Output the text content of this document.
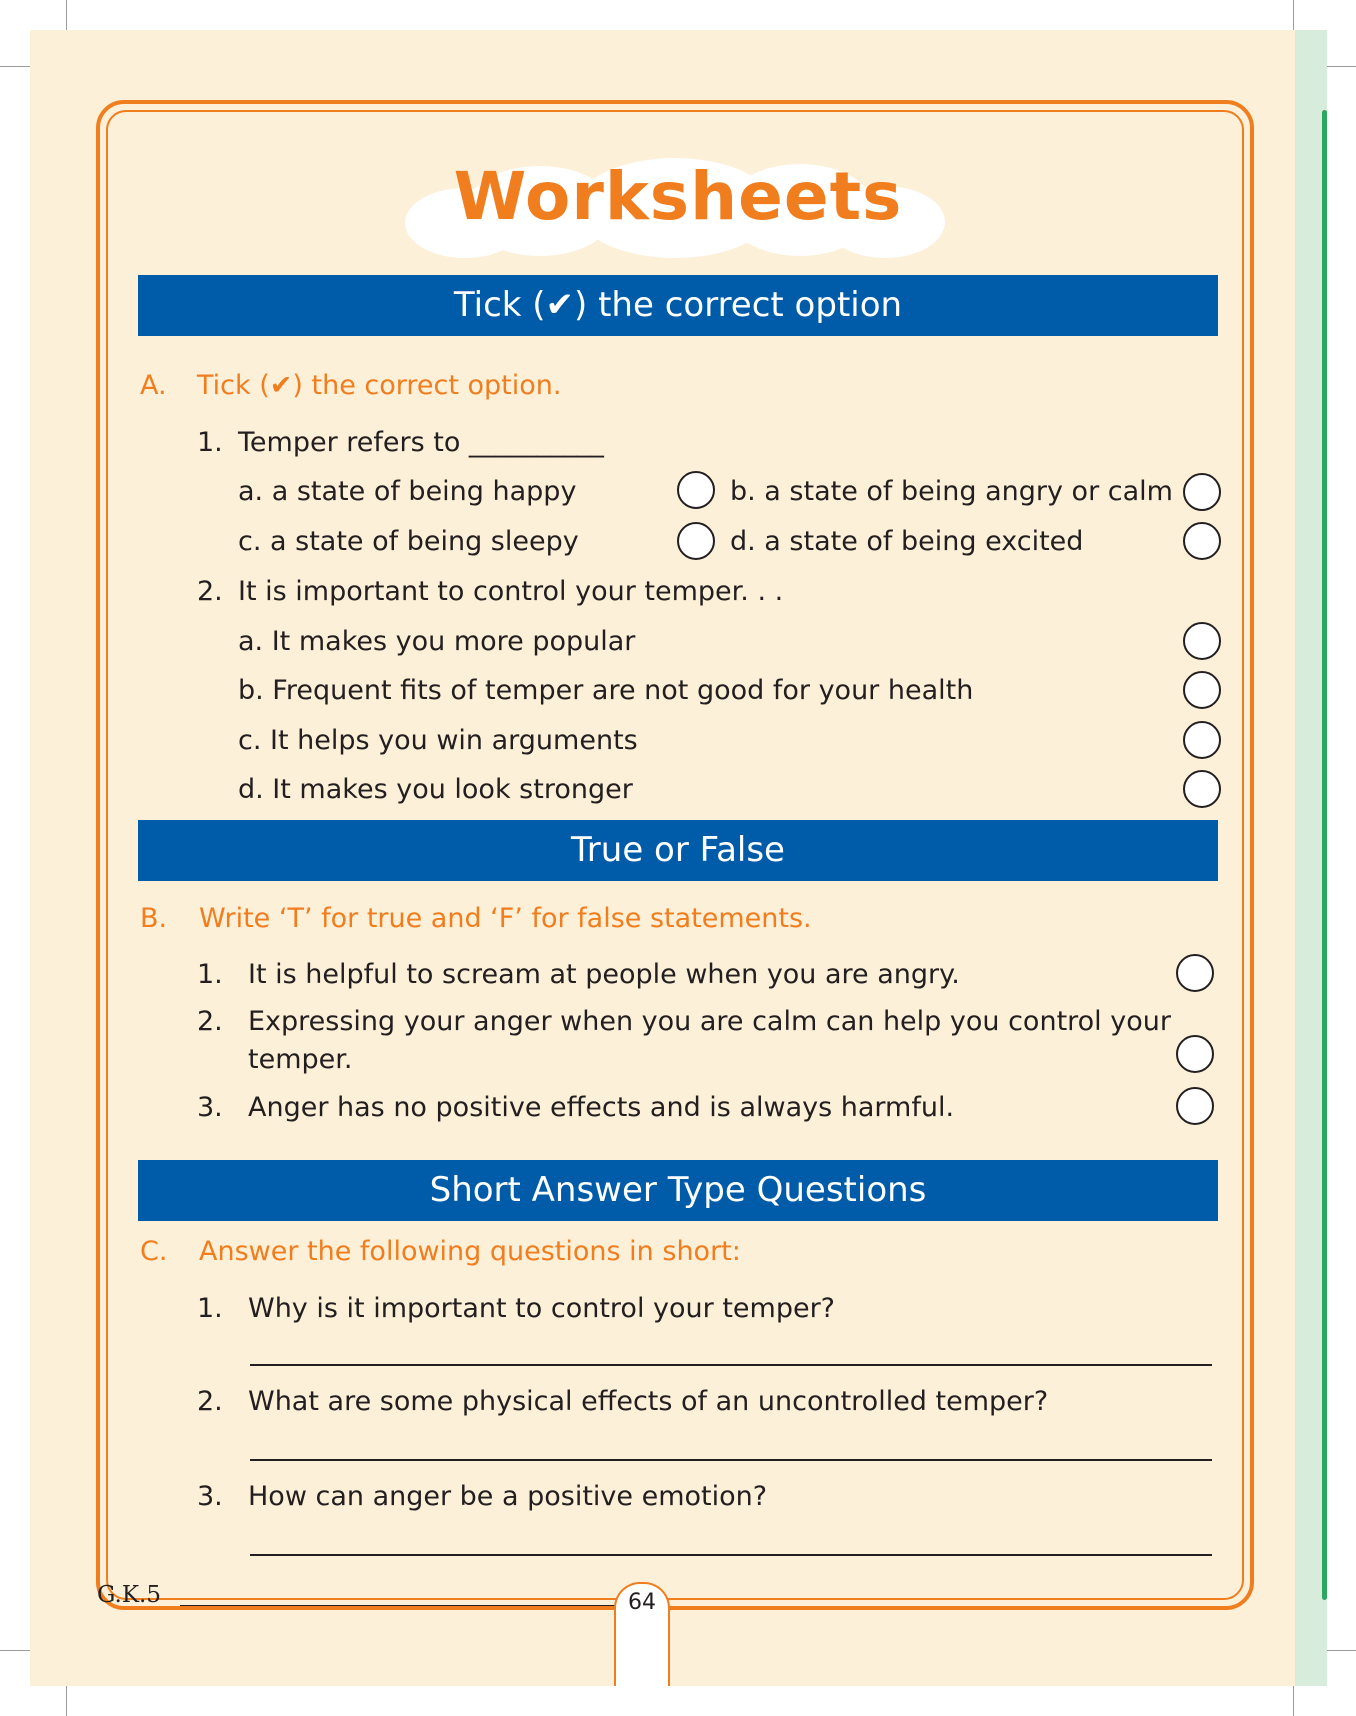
Worksheets
Tick (✔) the correct option
A. Tick (✔) the correct option.
1. Temper refers to __________
a. a state of being happy	b. a state of being angry or calm
c. a state of being sleepy	d. a state of being excited
2. It is important to control your temper. . .
a. It makes you more popular
b. Frequent fits of temper are not good for your health
c. It helps you win arguments
d. It makes you look stronger
True or False
B. Write ‘T’ for true and ‘F’ for false statements.
1. It is helpful to scream at people when you are angry.
2. Expressing your anger when you are calm can help you control your
temper.
3. Anger has no positive effects and is always harmful.
Short Answer Type Questions
C. Answer the following questions in short:
1. Why is it important to control your temper?
2. What are some physical effects of an uncontrolled temper?
3. How can anger be a positive emotion?
G.K.5	64
